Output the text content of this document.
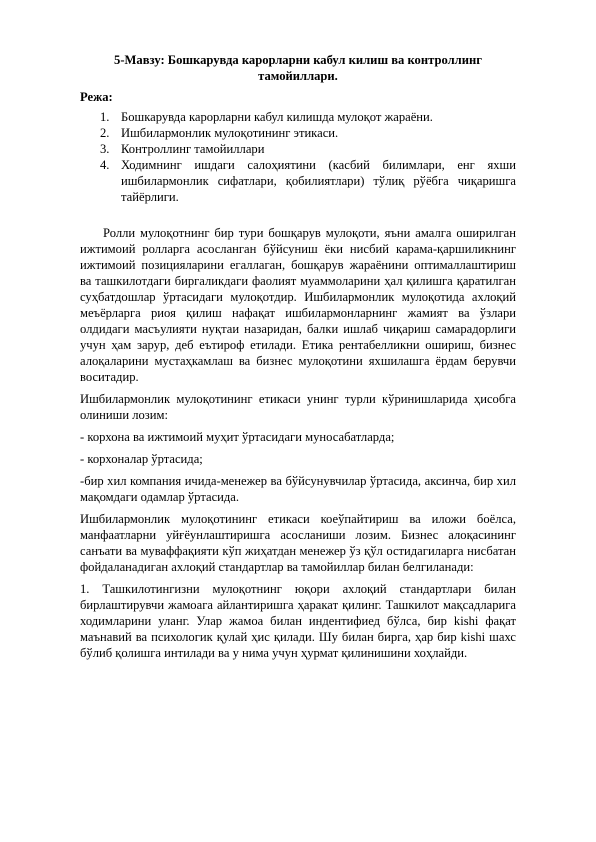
5-Мавзу: Бошкарувда карорларни кабул килиш ва контроллинг тамойиллари.

Режа:

1. Бошкарувда карорларни кабул килишда мулоқот жараёни.
2. Ишбилармонлик мулоқотининг этикаси.
3. Контроллинг тамойиллари
4. Ходимнинг ишдаги салоҳиятини (касбий билимлари, енг яхши ишбилармонлик сифатлари, қобилиятлари) тўлиқ рўёбга чиқаришга тайёрлиги.

Ролли мулоқотнинг бир тури бошқарув мулоқоти, яъни амалга оширилган ижтимоий ролларга асосланган бўйсуниш ёки нисбий карама-қаршиликнинг ижтимоий позицияларини егаллаган, бошқарув жараёнини оптималлаштириш ва ташкилотдаги биргаликдаги фаолият муаммоларини ҳал қилишга қаратилган суҳбатдошлар ўртасидаги мулоқотдир. Ишбилармонлик мулоқотида ахлоқий меъёрларга риоя қилиш нафақат ишбилармонларнинг жамият ва ўзлари олдидаги масъулияти нуқтаи назаридан, балки ишлаб чиқариш самарадорлиги учун ҳам зарур, деб eътироф етилади. Етика рентабелликни ошириш, бизнес алоқаларини мустаҳкамлаш ва бизнес мулоқотини яхшилашга ёрдам берувчи воситадир.

Ишбилармонлик мулоқотининг етикаси унинг турли кўринишларида ҳисобга олиниши лозим:

- корхона ва ижтимоий муҳит ўртасидаги муносабатларда;

- корхоналар ўртасида;

-бир хил компания ичида-менежер ва бўйсунувчилар ўртасида, аксинча, бир хил мақомдаги одамлар ўртасида.

Ишбилармонлик мулоқотининг етикаси коеўпайтириш ва иложи боёлса, манфаатларни уйғёунлаштиришга асосланиши лозим. Бизнес алоқасининг санъати ва муваффақияти кўп жиҳатдан менежер ўз қўл остидагиларга нисбатан фойдаланадиган ахлоқий стандартлар ва тамойиллар билан белгиланади:

1. Ташкилотингизни мулоқотнинг юқори ахлоқий стандартлари билан бирлаштирувчи жамоага айлантиришга ҳаракат қилинг. Ташкилот мақсадларига ходимларини уланг. Улар жамоа билан индентифиед бўлса, бир kishi фақат маънавий ва психологик қулай ҳис қилади. Шу билан бирга, ҳар бир kishi шахс бўлиб қолишга интилади ва у нима учун ҳурмат қилинишини хоҳлайди.
